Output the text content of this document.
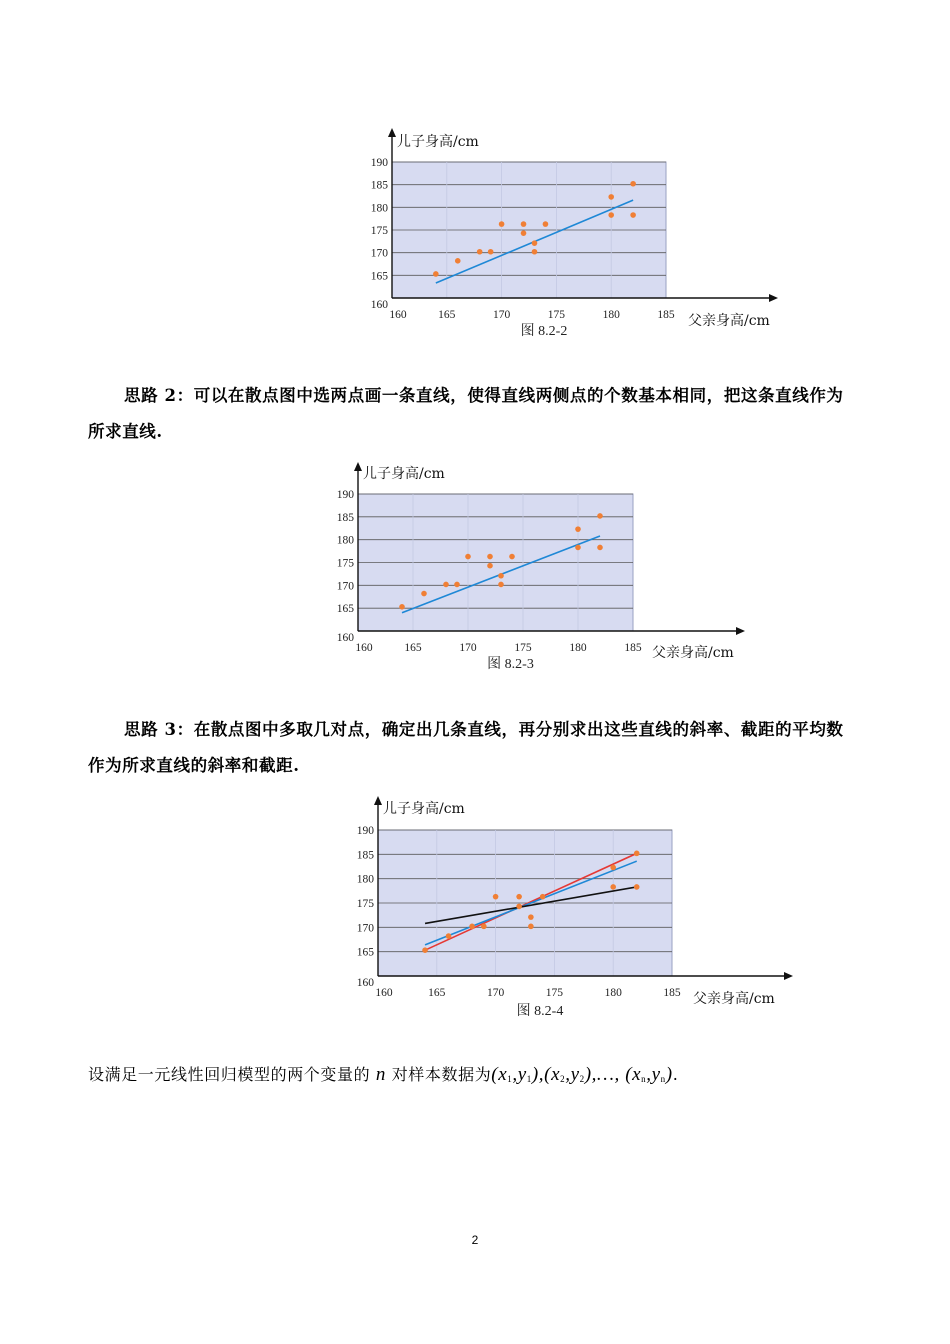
160
165
170
175
180
185
190
160	165	170	175	180	185
儿子身高/cm
父亲身高/cm
图 8.2-2
思路 2：可以在散点图中选两点画一条直线，使得直线两侧点的个数基本相同，把这条直线作为所求直线.
160
165
170
175
180
185
190
160	165	170	175	180	185
儿子身高/cm
父亲身高/cm
图 8.2-3
思路 3：在散点图中多取几对点，确定出几条直线，再分别求出这些直线的斜率、截距的平均数作为所求直线的斜率和截距.
160
165
170
175
180
185
190
160	165	170	175	180	185
儿子身高/cm
父亲身高/cm
图 8.2-4
设满足一元线性回归模型的两个变量的 n 对样本数据为$(x_1,y_1),(x_2,y_2),\dots$, $(x_n,y_n)$.
2
